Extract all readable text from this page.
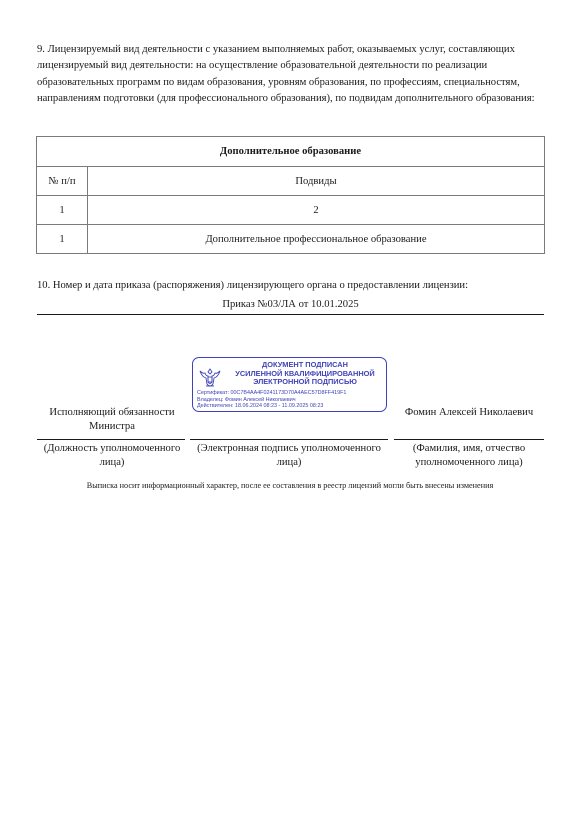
9. Лицензируемый вид деятельности с указанием выполняемых работ, оказываемых услуг, составляющих лицензируемый вид деятельности: на осуществление образовательной деятельности по реализации образовательных программ по видам образования, уровням образования, по профессиям, специальностям, направлениям подготовки (для профессионального образования), по подвидам дополнительного образования:
Дополнительное образование	
№ п/п	Подвиды
1	2
1	Дополнительное профессиональное образование
10. Номер и дата приказа (распоряжения) лицензирующего органа о предоставлении лицензии:
Приказ №03/ЛА от 10.01.2025
ДОКУМЕНТ ПОДПИСАН
УСИЛЕННОЙ КВАЛИФИЦИРОВАННОЙ
ЭЛЕКТРОННОЙ ПОДПИСЬЮ
Сертификат: 00C7B4AA4F0241173D70A4AEC57D8FF419F1
Владелец: Фомин Алексей Николаевич
Действителен: 18.06.2024 08:23 - 11.09.2025 08:23
Исполняющий обязанности Министра
Фомин Алексей Николаевич
(Должность уполномоченного лица)
(Электронная подпись уполномоченного лица)
(Фамилия, имя, отчество уполномоченного лица)
Выписка носит информационный характер, после ее составления в реестр лицензий могли быть внесены изменения
